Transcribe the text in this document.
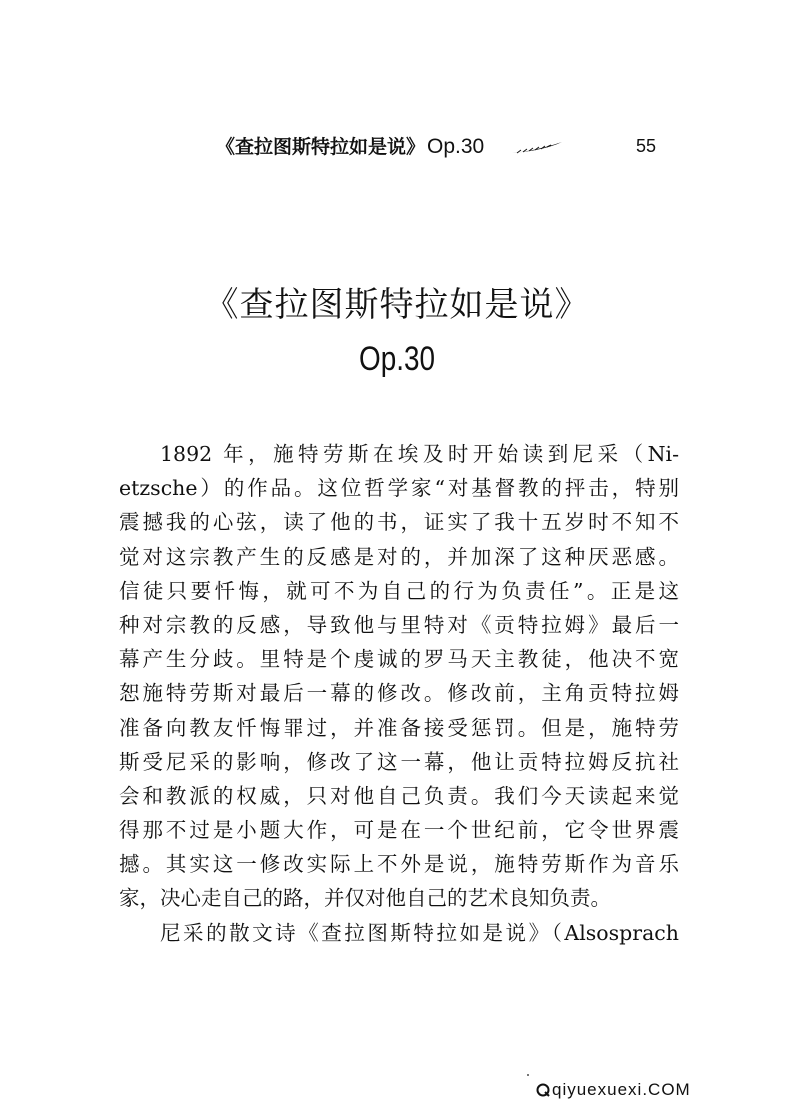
《查拉图斯特拉如是说》Op.30	55
《查拉图斯特拉如是说》
Op.30
1892 年，施特劳斯在埃及时开始读到尼采（Ni-
etzsche）的作品。这位哲学家“对基督教的抨击，特别
震撼我的心弦，读了他的书，证实了我十五岁时不知不
觉对这宗教产生的反感是对的，并加深了这种厌恶感。
信徒只要忏悔，就可不为自己的行为负责任”。正是这
种对宗教的反感，导致他与里特对《贡特拉姆》最后一
幕产生分歧。里特是个虔诚的罗马天主教徒，他决不宽
恕施特劳斯对最后一幕的修改。修改前，主角贡特拉姆
准备向教友忏悔罪过，并准备接受惩罚。但是，施特劳
斯受尼采的影响，修改了这一幕，他让贡特拉姆反抗社
会和教派的权威，只对他自己负责。我们今天读起来觉
得那不过是小题大作，可是在一个世纪前，它令世界震
撼。其实这一修改实际上不外是说，施特劳斯作为音乐
家，决心走自己的路，并仅对他自己的艺术良知负责。
尼采的散文诗《查拉图斯特拉如是说》（Alsosprach
qiyuexuexi.COM
